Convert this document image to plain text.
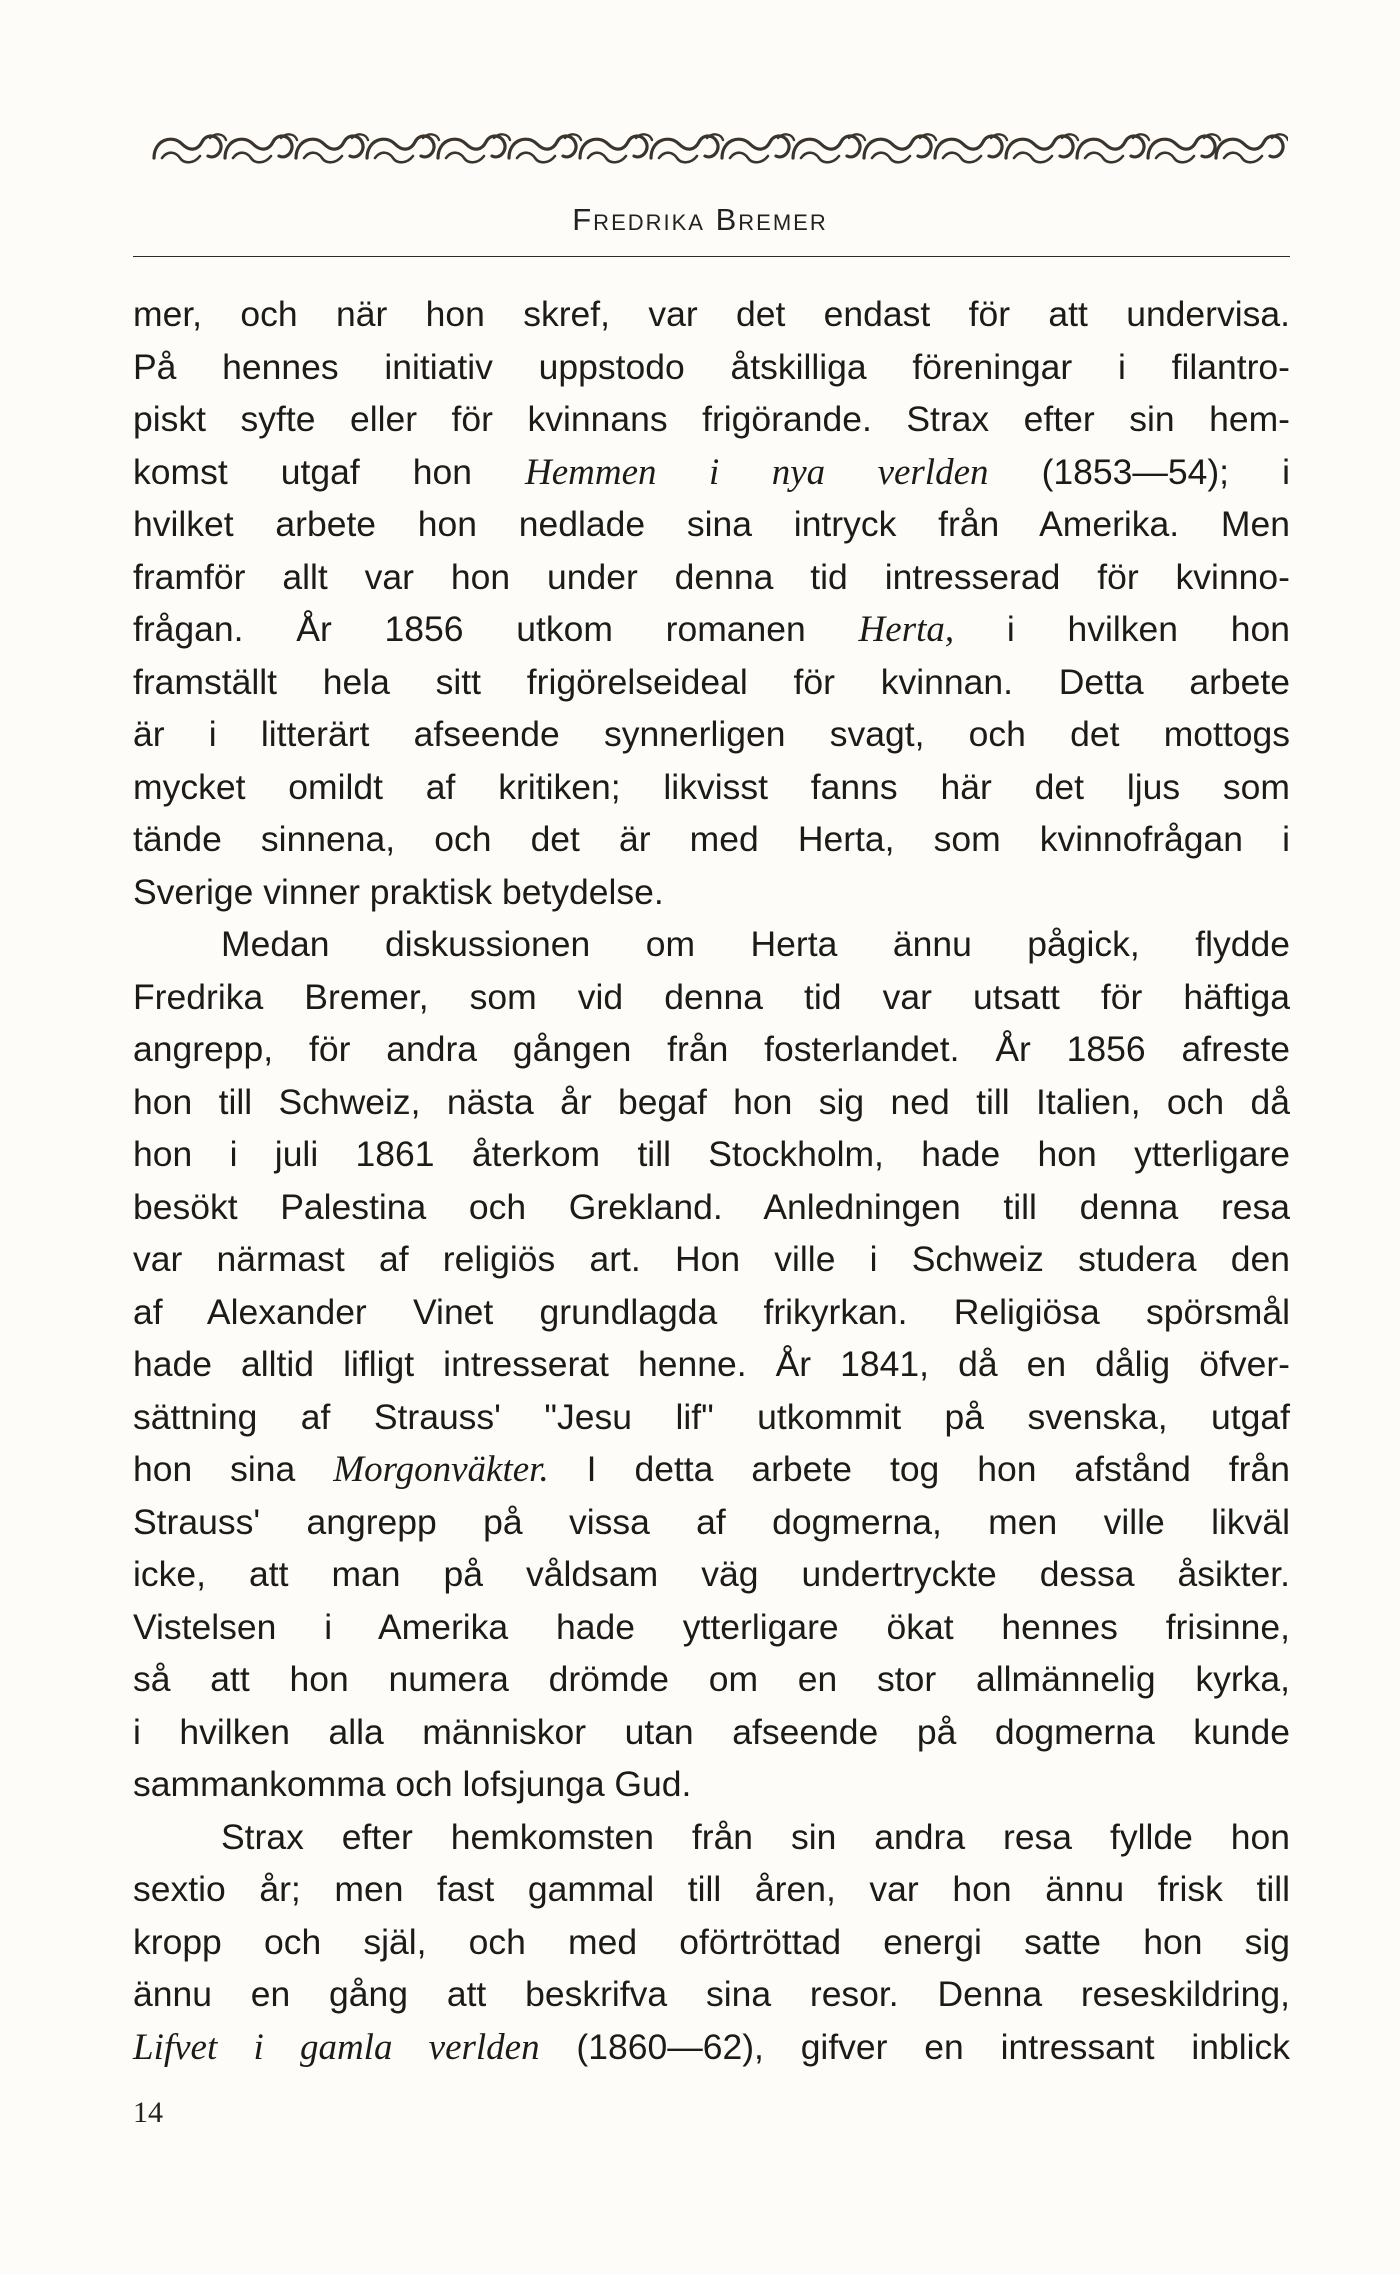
Fredrika Bremer
mer, och när hon skref, var det endast för att undervisa.
På hennes initiativ uppstodo åtskilliga föreningar i filantro-
piskt syfte eller för kvinnans frigörande. Strax efter sin hem-
komst utgaf hon Hemmen i nya verlden (1853—54); i
hvilket arbete hon nedlade sina intryck från Amerika. Men
framför allt var hon under denna tid intresserad för kvinno-
frågan. År 1856 utkom romanen Herta, i hvilken hon
framställt hela sitt frigörelseideal för kvinnan. Detta arbete
är i litterärt afseende synnerligen svagt, och det mottogs
mycket omildt af kritiken; likvisst fanns här det ljus som
tände sinnena, och det är med Herta, som kvinnofrågan i
Sverige vinner praktisk betydelse.
Medan diskussionen om Herta ännu pågick, flydde
Fredrika Bremer, som vid denna tid var utsatt för häftiga
angrepp, för andra gången från fosterlandet. År 1856 afreste
hon till Schweiz, nästa år begaf hon sig ned till Italien, och då
hon i juli 1861 återkom till Stockholm, hade hon ytterligare
besökt Palestina och Grekland. Anledningen till denna resa
var närmast af religiös art. Hon ville i Schweiz studera den
af Alexander Vinet grundlagda frikyrkan. Religiösa spörsmål
hade alltid lifligt intresserat henne. År 1841, då en dålig öfver-
sättning af Strauss' "Jesu lif" utkommit på svenska, utgaf
hon sina Morgonväkter. I detta arbete tog hon afstånd från
Strauss' angrepp på vissa af dogmerna, men ville likväl
icke, att man på våldsam väg undertryckte dessa åsikter.
Vistelsen i Amerika hade ytterligare ökat hennes frisinne,
så att hon numera drömde om en stor allmännelig kyrka,
i hvilken alla människor utan afseende på dogmerna kunde
sammankomma och lofsjunga Gud.
Strax efter hemkomsten från sin andra resa fyllde hon
sextio år; men fast gammal till åren, var hon ännu frisk till
kropp och själ, och med oförtröttad energi satte hon sig
ännu en gång att beskrifva sina resor. Denna reseskildring,
Lifvet i gamla verlden (1860—62), gifver en intressant inblick
14
